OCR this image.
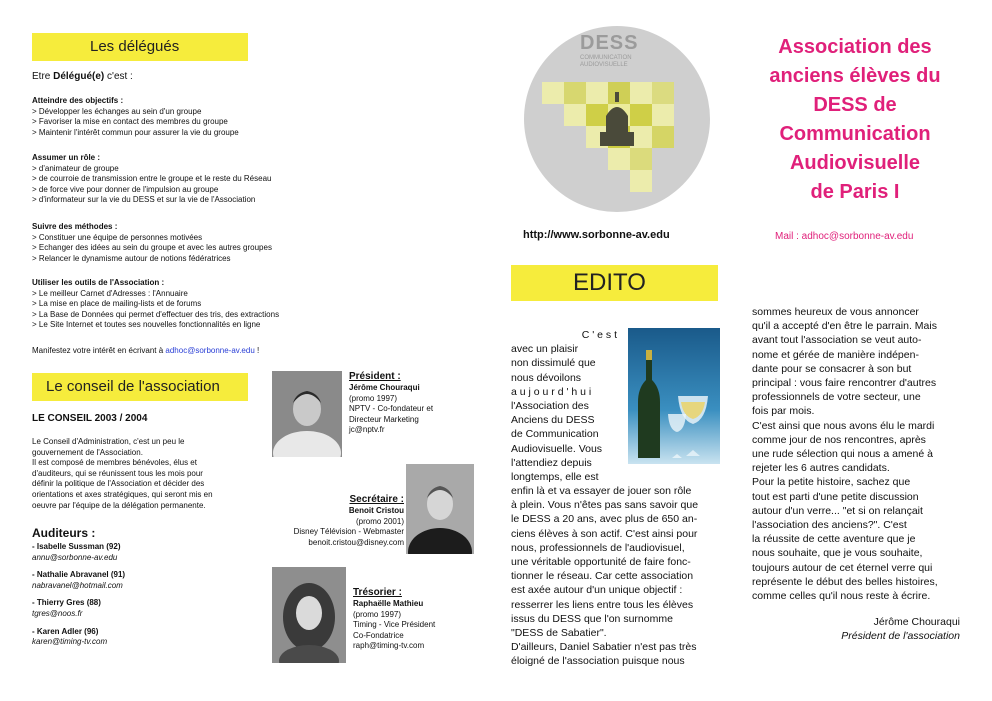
Les délégués
Etre Délégué(e) c'est :
Atteindre des objectifs :
> Développer les échanges au sein d'un groupe
> Favoriser la mise en contact des membres du groupe
> Maintenir l'intérêt commun pour assurer la vie du groupe
Assumer un rôle :
> d'animateur de groupe
> de courroie de transmission entre le groupe et le reste du Réseau
> de force vive pour donner de l'impulsion au groupe
> d'informateur sur la vie du DESS et sur la vie de l'Association
Suivre des méthodes :
> Constituer une équipe de personnes motivées
> Echanger des idées au sein du groupe et avec les autres groupes
> Relancer le dynamisme autour de notions fédératrices
Utiliser les outils de l'Association :
> Le meilleur Carnet d'Adresses : l'Annuaire
> La mise en place de mailing-lists et de forums
> La Base de Données qui permet d'effectuer des tris, des extractions
> Le Site Internet et toutes ses nouvelles fonctionnalités en ligne
Manifestez votre intérêt en écrivant à adhoc@sorbonne-av.edu !
Le conseil de l'association
LE CONSEIL 2003 / 2004
Le Conseil d'Administration, c'est un peu le
gouvernement de l'Association.
Il est composé de membres bénévoles, élus et
d'auditeurs, qui se réunissent tous les mois pour
définir la politique de l'Association et décider des
orientations et axes stratégiques, qui seront mis en
oeuvre par l'équipe de la délégation permanente.
Auditeurs :
- Isabelle Sussman (92)
annu@sorbonne-av.edu
- Nathalie Abravanel (91)
nabravanel@hotmail.com
- Thierry Gres (88)
tgres@noos.fr
- Karen Adler (96)
karen@timing-tv.com
Président :
Jérôme Chouraqui
(promo 1997)
NPTV - Co-fondateur et
Directeur Marketing
jc@nptv.fr
Secrétaire :
Benoit Cristou
(promo 2001)
Disney Télévision - Webmaster
benoit.cristou@disney.com
Trésorier :
Raphaëlle Mathieu
(promo 1997)
Timing - Vice Président
Co-Fondatrice
raph@timing-tv.com
DESS
COMMUNICATION
AUDIOVISUELLE
http://www.sorbonne-av.edu
Association des
anciens élèves du
DESS de
Communication
Audiovisuelle
de Paris I
Mail : adhoc@sorbonne-av.edu
EDITO
C ' e s t
avec un plaisir
non dissimulé que
nous dévoilons
a u j o u r d ' h u i
l'Association des
Anciens du DESS
de Communication
Audiovisuelle. Vous
l'attendiez depuis
longtemps, elle est
enfin là et va essayer de jouer son rôle
à plein. Vous n'êtes pas sans savoir que
le DESS a 20 ans, avec plus de 650 an-
ciens élèves à son actif. C'est ainsi pour
nous, professionnels de l'audiovisuel,
une véritable opportunité de faire fonc-
tionner le réseau. Car cette association
est axée autour d'un unique objectif :
resserrer les liens entre tous les élèves
issus du DESS que l'on surnomme
"DESS de Sabatier".
D'ailleurs, Daniel Sabatier n'est pas très
éloigné de l'association puisque nous
sommes heureux de vous annoncer
qu'il a accepté d'en être le parrain. Mais
avant tout l'association se veut auto-
nome et gérée de manière indépen-
dante pour se consacrer à son but
principal : vous faire rencontrer d'autres
professionnels de votre secteur, une
fois par mois.
C'est ainsi que nous avons élu le mardi
comme jour de nos rencontres, après
une rude sélection qui nous a amené à
rejeter les 6 autres candidats.
Pour la petite histoire, sachez que
tout est parti d'une petite discussion
autour d'un verre... "et si on relançait
l'association des anciens?". C'est
la réussite de cette aventure que je
nous souhaite, que je vous souhaite,
toujours autour de cet éternel verre qui
représente le début des belles histoires,
comme celles qu'il nous reste à écrire.
Jérôme Chouraqui
Président de l'association
